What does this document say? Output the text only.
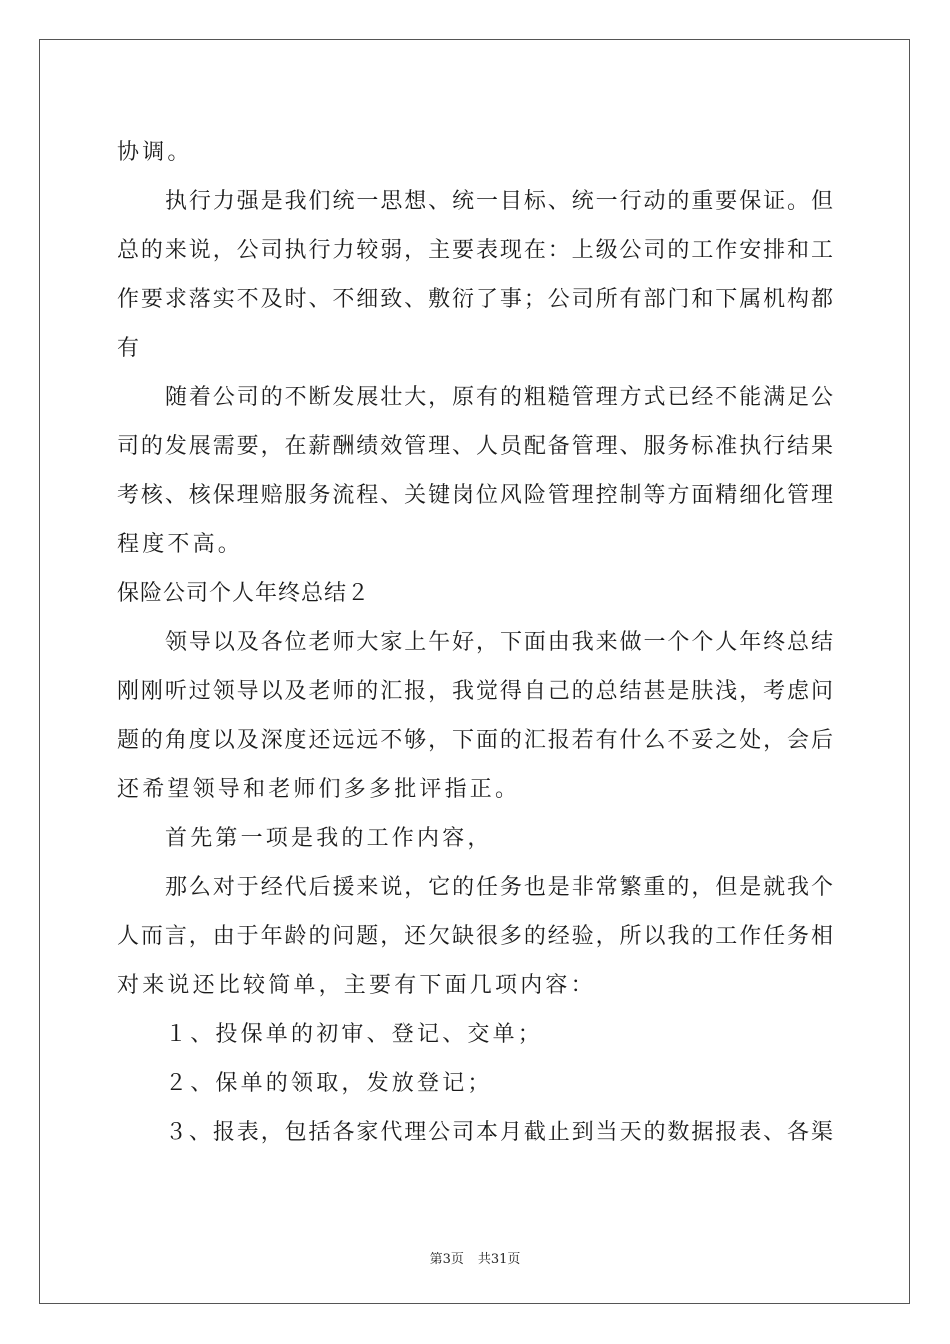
协调。
执行力强是我们统一思想、统一目标、统一行动的重要保证。但
总的来说，公司执行力较弱，主要表现在：上级公司的工作安排和工
作要求落实不及时、不细致、敷衍了事；公司所有部门和下属机构都
有
随着公司的不断发展壮大，原有的粗糙管理方式已经不能满足公
司的发展需要，在薪酬绩效管理、人员配备管理、服务标准执行结果
考核、核保理赔服务流程、关键岗位风险管理控制等方面精细化管理
程度不高。
保险公司个人年终总结２
领导以及各位老师大家上午好，下面由我来做一个个人年终总结
刚刚听过领导以及老师的汇报，我觉得自己的总结甚是肤浅，考虑问
题的角度以及深度还远远不够，下面的汇报若有什么不妥之处，会后
还希望领导和老师们多多批评指正。
首先第一项是我的工作内容，
那么对于经代后援来说，它的任务也是非常繁重的，但是就我个
人而言，由于年龄的问题，还欠缺很多的经验，所以我的工作任务相
对来说还比较简单，主要有下面几项内容：
１、投保单的初审、登记、交单；
２、保单的领取，发放登记；
３、报表，包括各家代理公司本月截止到当天的数据报表、各渠
第3页 共31页
